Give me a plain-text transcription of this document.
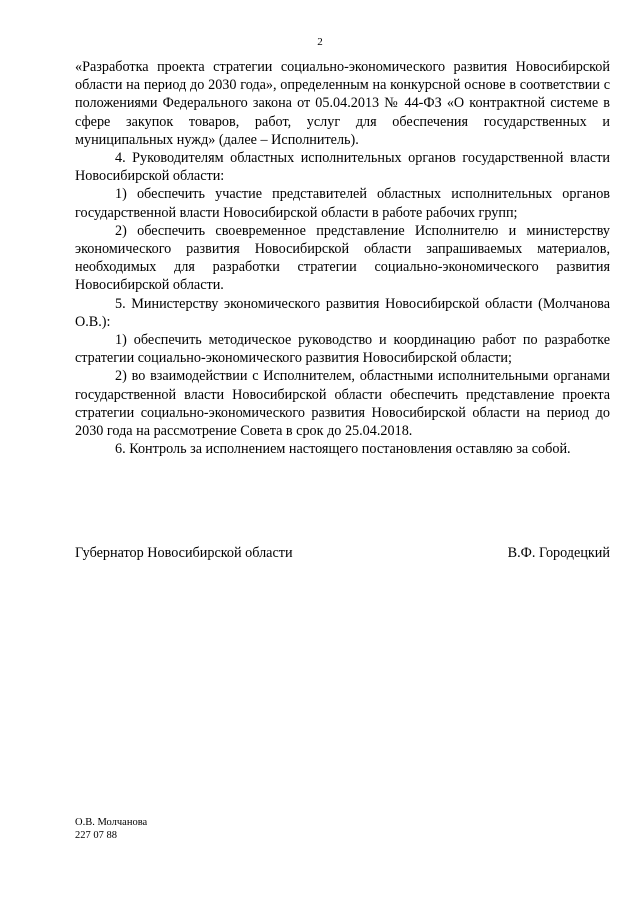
2

«Разработка проекта стратегии социально-экономического развития Новосибирской области на период до 2030 года», определенным на конкурсной основе в соответствии с положениями Федерального закона от 05.04.2013 № 44-ФЗ «О контрактной системе в сфере закупок товаров, работ, услуг для обеспечения государственных и муниципальных нужд» (далее – Исполнитель).

4. Руководителям областных исполнительных органов государственной власти Новосибирской области:

1) обеспечить участие представителей областных исполнительных органов государственной власти Новосибирской области в работе рабочих групп;

2) обеспечить своевременное представление Исполнителю и министерству экономического развития Новосибирской области запрашиваемых материалов, необходимых для разработки стратегии социально-экономического развития Новосибирской области.

5. Министерству экономического развития Новосибирской области (Молчанова О.В.):

1) обеспечить методическое руководство и координацию работ по разработке стратегии социально-экономического развития Новосибирской области;

2) во взаимодействии с Исполнителем, областными исполнительными органами государственной власти Новосибирской области обеспечить представление проекта стратегии социально-экономического развития Новосибирской области на период до 2030 года на рассмотрение Совета в срок до 25.04.2018.

6. Контроль за исполнением настоящего постановления оставляю за собой.

Губернатор Новосибирской области	В.Ф. Городецкий
О.В. Молчанова
227 07 88
